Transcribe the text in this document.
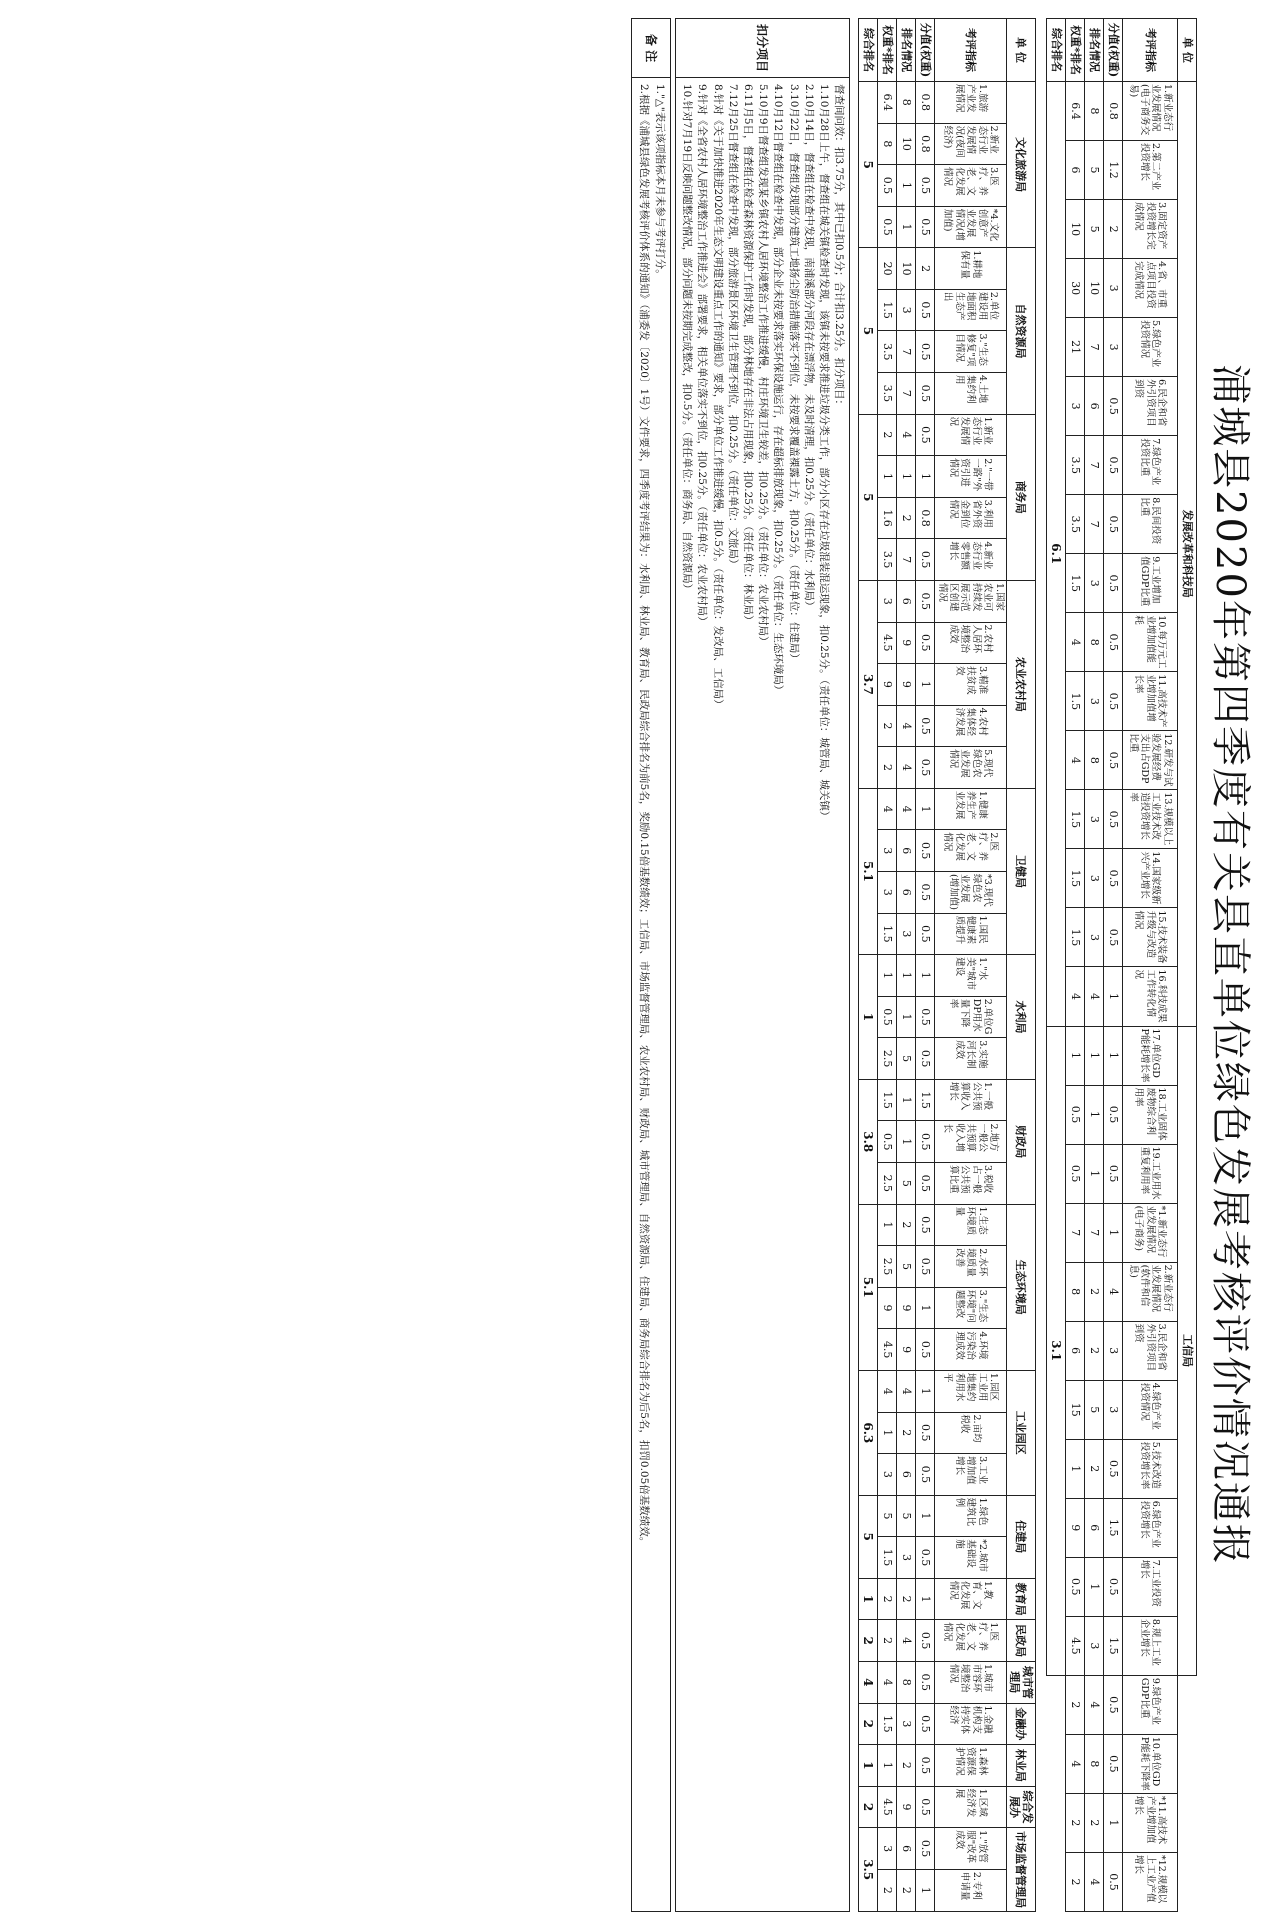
浦城县2020年第四季度有关县直单位绿色发展考核评价情况通报
单 位	发展改革和科技局																工信局														
考评指标	1.新业态行业发展情况(电子商务交易)	2.第二产业投资增长	3.固定资产投资增长完成情况	4.省、市重点项目投资完成情况	5.绿色产业投资情况	6.民企和省外引资项目到资	7.绿色产业投资比重	8.民间投资比重	9.工业增加值GDP比重	10.每万元工业增加值能耗	11.高技术产业增加值增长率	12.研发与试验发展经费支出占GDP比重	13.规模以上工业技术改造投资增长率	14.国家级新兴产业增长	15.技术装备升级与改造情况	16.科技成果工作转化情况	17.单位GDP能耗增长率	18.工业固体废物综合利用率	19.工业用水重复利用率	*1.新业态行业发展情况(电子商务)	2.新业态行业发展情况(软件和信息)	3.民企和省外引资项目到资	4.绿色产业投资情况	5.技术改造投资增长率	6.绿色产业投资增长	7.工业投资增长	8.规上工业企业增长	9.绿色产业GDP比重	10.单位GDP能耗下降率	*11.高技术产业增加值增长	*12.规模以上工业产值增长
分值(权重)	0.8	1.2	2	3	3	0.5	0.5	0.5	0.5	0.5	0.5	0.5	0.5	0.5	0.5	1	1	0.5	0.5	1	4	3	3	0.5	1.5	0.5	1.5	0.5	0.5	1	0.5
排名情况	8	5	5	10	7	6	7	7	3	8	3	8	3	3	3	4	1	1	1	7	2	2	5	2	6	1	3	4	8	2	4
权重*排名	6.4	6	10	30	21	3	3.5	3.5	1.5	4	1.5	4	1.5	1.5	1.5	4	1	0.5	0.5	7	8	6	15	1	9	0.5	4.5	2	4	2	2
综合排名	6.1																3.1														
单 位	文化旅游局				自然资源局				商务局				农业农村局					卫健局				水利局			财政局			生态环境局				工业园区			住建局		教育局	民政局	城市管理局	金融办	林业局	综合发展办	市场监督管理局	
考评指标	1.旅游产业发展情况	2.新业态行业发展情况(夜间经济)	3.医疗、养老、文化发展情况	*4.文化创意产业发展情况(增加值)	1.耕地保有量	2.单位建设用地面积生态产出	3."生态修复"项目情况	4.土地集约利用	1.新业态行业发展情况	2."一带一路"外资引进情况	3.利用省外资金到位情况	4.新业态行业零售额增长	1.国家农业可持续发展示范区创建情况	2.农村人居环境整治成效	3.精准扶贫成效	4.农村集体经济发展	5.现代绿色农业发展情况	1.健康养生产业发展	2.医疗、养老、文化发展情况	*3.现代绿色农业发展(增加值)	1.国民健康素质提升	1."水美"城市建设	2.单位GDP用水量下降率	3.实施河长制成效	1.一般公共预算收入增长	2.地方一般公共预算收入增长	3.税收占一般公共预算比重	1.生态环境质量	2.水环境质量改善	3."生态环境"问题整改	4.环境污染治理成效	1.园区工业用地集约利用水平	2.亩均税收	3.工业增加值增长	1.绿色建筑比例	*2.城市基础设施	1.教育、文化发展情况	1.医疗、养老、文化发展情况	1.城市市容环境整治情况	1.金融机构支持实体经济	1.森林资源保护情况	1.区域经济发展	1."放管服"改革成效	2.专利申请量
分值(权重)	0.8	0.8	0.5	0.5	2	0.5	0.5	0.5	0.5	1	0.8	0.5	0.5	0.5	1	0.5	0.5	1	0.5	0.5	0.5	1	0.5	0.5	1.5	0.5	0.5	0.5	0.5	1	0.5	1	0.5	0.5	1	0.5	1	0.5	0.5	0.5	0.5	0.5	0.5	1
排名情况	8	10	1	1	10	3	7	7	4	1	2	7	6	9	9	4	4	4	6	6	3	1	1	5	1	1	5	2	5	9	9	4	2	6	5	3	2	4	8	3	2	9	6	2
权重*排名	6.4	8	0.5	0.5	20	1.5	3.5	3.5	2	1	1.6	3.5	3	4.5	9	2	2	4	3	3	1.5	1	0.5	2.5	1.5	0.5	2.5	1	2.5	9	4.5	4	1	3	5	1.5	2	2	4	1.5	1	4.5	3	2
综合排名	5				5				5				3.7					5.1				1			3.8			5.1				6.3			5		1	2	4	2	1	2	3.5	
扣分项目
督查间问效：扣3.75分，其中已扣0.5分；合计扣3.25分。扣分项目：
1.10月28日上午，督查组在城关镇检查时发现，该镇未按要求推进垃圾分类工作，部分小区存在垃圾混装混运现象，扣0.25分。（责任单位：城管局、城关镇）
2.10月14日，督查组在检查中发现，南浦溪部分河段存在漂浮物，未及时清理，扣0.25分。（责任单位：水利局）
3.10月22日，督查组发现部分建筑工地扬尘防治措施落实不到位，未按要求覆盖裸露土方，扣0.25分。（责任单位：住建局）
4.10月12日督查组在检查中发现，部分企业未按要求落实环保设施运行，存在超标排放现象，扣0.25分。（责任单位：生态环境局）
5.10月9日督查组发现某乡镇农村人居环境整治工作推进缓慢，村庄环境卫生较差，扣0.25分。（责任单位：农业农村局）
6.11月5日，督查组在检查森林资源保护工作时发现，部分林地存在非法占用现象，扣0.25分。（责任单位：林业局）
7.12月25日督查组在检查中发现，部分旅游景区环境卫生管理不到位，扣0.25分。（责任单位：文旅局）
8.针对《关于加快推进2020年生态文明建设重点工作的通知》要求，部分单位工作推进缓慢，扣0.5分。（责任单位：发改局、工信局）
9.针对《全省农村人居环境整治工作推进会》部署要求，相关单位落实不到位，扣0.25分。（责任单位：农业农村局）
10.针对7月19日反映问题整改情况，部分问题未按期完成整改，扣0.5分。（责任单位：商务局、自然资源局）
备 注
1."△"表示该项指标本月未参与考评打分。
2.根据《浦城县绿色发展考核评价体系的通知》（浦委发〔2020〕1号）文件要求，四季度考评结果为：水利局、林业局、教育局、民政局综合排名为前5名，奖励0.15倍基数绩效；工信局、市场监督管理局、农业农村局、财政局、城市管理局、自然资源局、住建局、商务局综合排名为后5名，扣罚0.05倍基数绩效。
